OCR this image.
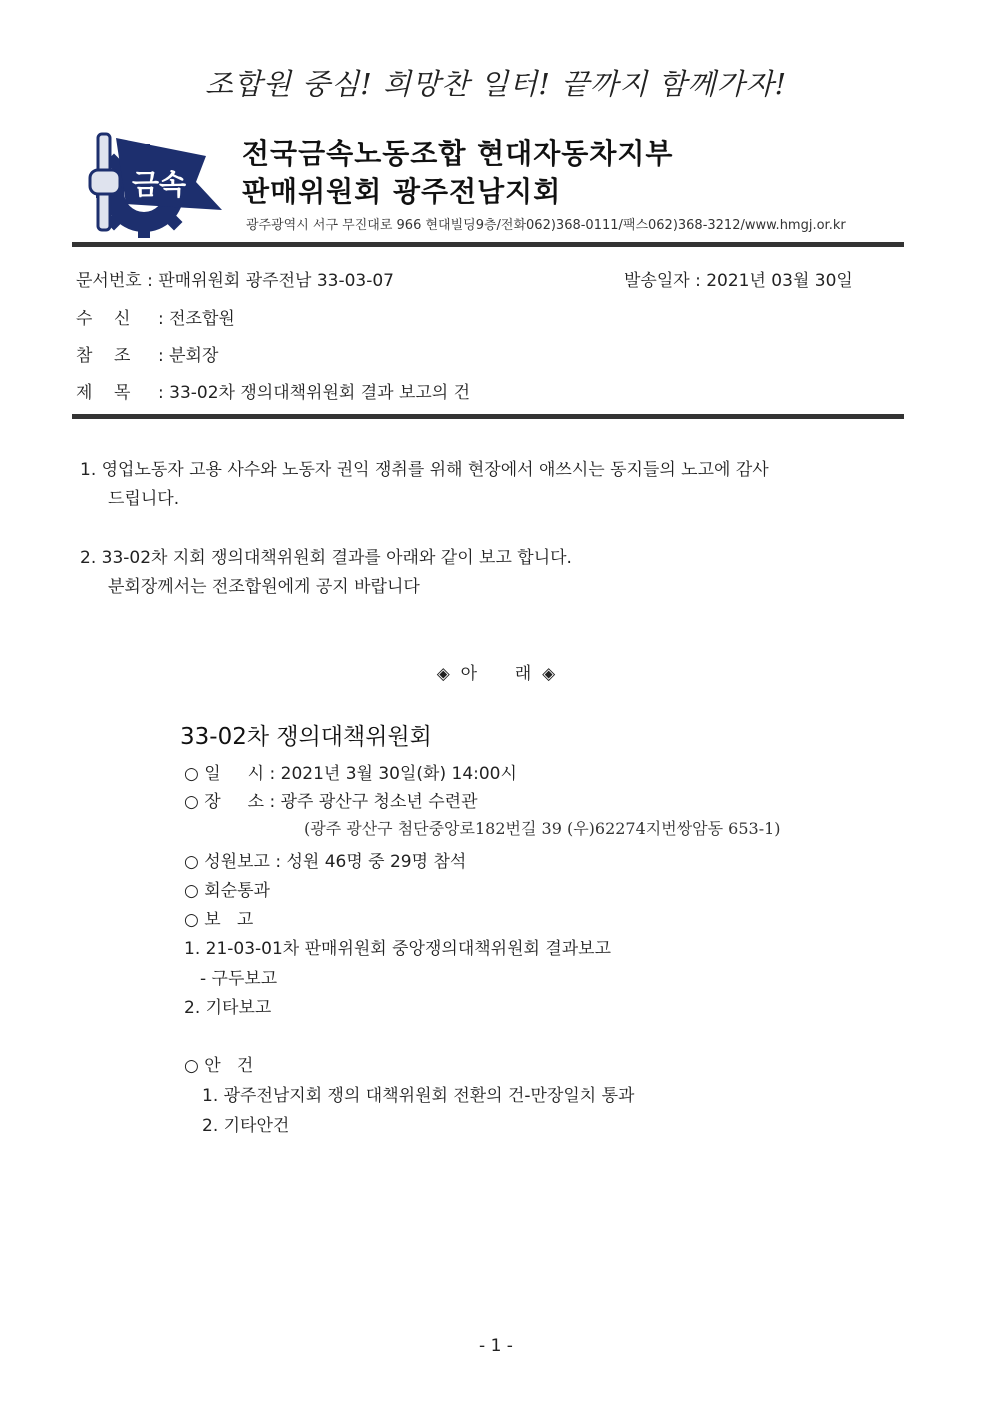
조합원 중심! 희망찬 일터! 끝까지 함께가자!
금속
전국금속노동조합 현대자동차지부
판매위원회 광주전남지회
광주광역시 서구 무진대로 966 현대빌딩9층/전화062)368-0111/팩스062)368-3212/www.hmgj.or.kr
문서번호 : 판매위원회 광주전남 33-03-07	발송일자 : 2021년 03월 30일
수    신 : 전조합원
참    조 : 분회장
제    목 : 33-02차 쟁의대책위원회 결과 보고의 건
1. 영업노동자 고용 사수와 노동자 권익 쟁취를 위해 현장에서 애쓰시는 동지들의 노고에 감사
드립니다.
2. 33-02차 지회 쟁의대책위원회 결과를 아래와 같이 보고 합니다.
분회장께서는 전조합원에게 공지 바랍니다
◈  아       래  ◈
33-02차 쟁의대책위원회
○ 일     시 : 2021년 3월 30일(화) 14:00시
○ 장     소 : 광주 광산구 청소년 수련관
(광주 광산구 첨단중앙로182번길 39 (우)62274지번쌍암동 653-1)
○ 성원보고 : 성원 46명 중 29명 참석
○ 회순통과
○ 보   고
1. 21-03-01차 판매위원회 중앙쟁의대책위원회 결과보고
- 구두보고
2. 기타보고
○ 안   건
1. 광주전남지회 쟁의 대책위원회 전환의 건-만장일치 통과
2. 기타안건
- 1 -
